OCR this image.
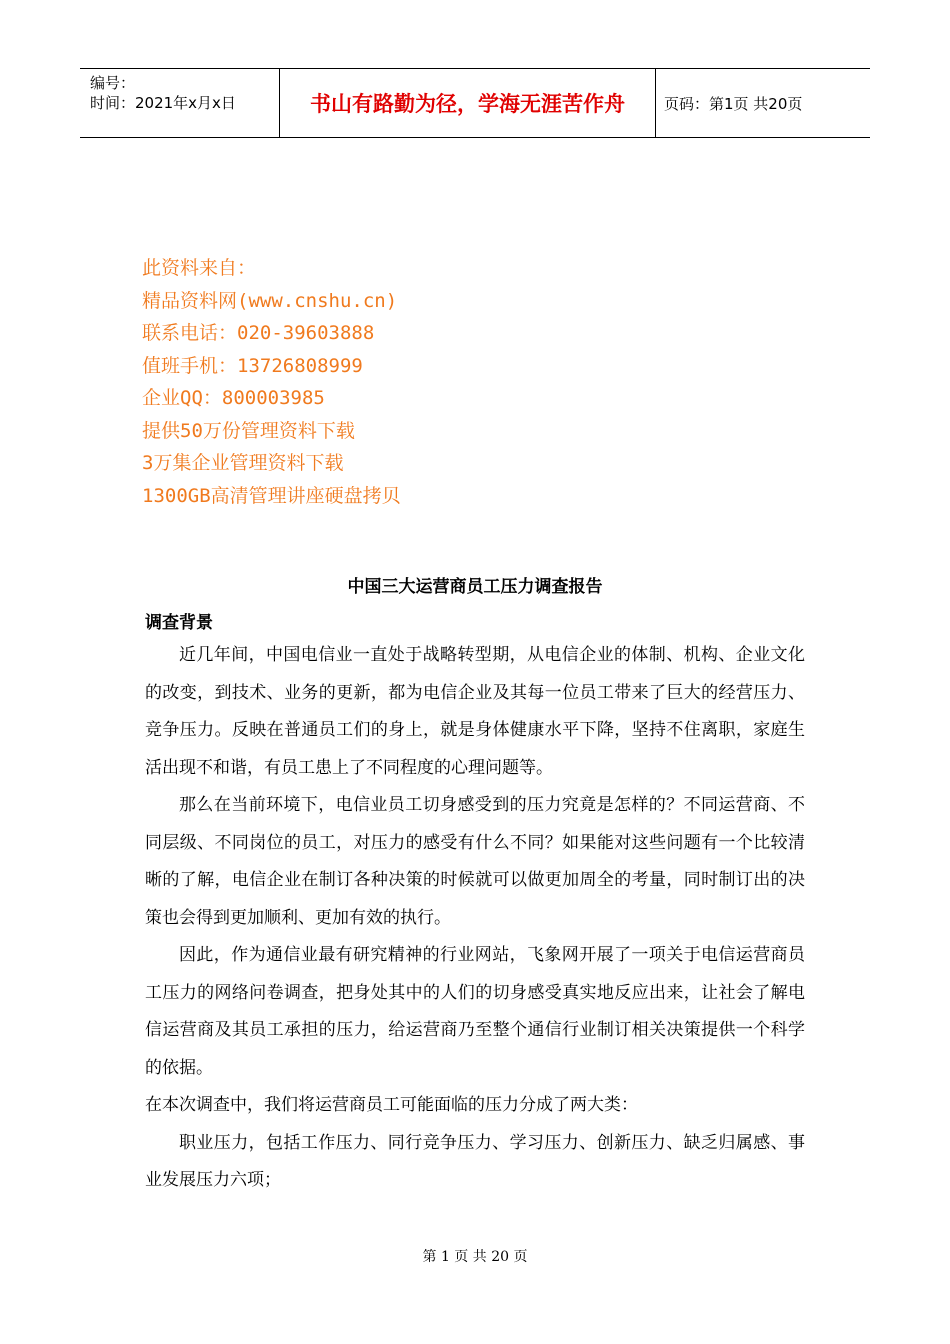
编号：
时间：2021年x月x日	书山有路勤为径，学海无涯苦作舟	页码：第1页 共20页
此资料来自：
精品资料网(www.cnshu.cn)
联系电话：020-39603888
值班手机：13726808999
企业QQ：800003985
提供50万份管理资料下载
3万集企业管理资料下载
1300GB高清管理讲座硬盘拷贝
中国三大运营商员工压力调查报告
调查背景

近几年间，中国电信业一直处于战略转型期，从电信企业的体制、机构、企业文化的改变，到技术、业务的更新，都为电信企业及其每一位员工带来了巨大的经营压力、竞争压力。反映在普通员工们的身上，就是身体健康水平下降，坚持不住离职，家庭生活出现不和谐，有员工患上了不同程度的心理问题等。

那么在当前环境下，电信业员工切身感受到的压力究竟是怎样的？不同运营商、不同层级、不同岗位的员工，对压力的感受有什么不同？如果能对这些问题有一个比较清晰的了解，电信企业在制订各种决策的时候就可以做更加周全的考量，同时制订出的决策也会得到更加顺利、更加有效的执行。

因此，作为通信业最有研究精神的行业网站，飞象网开展了一项关于电信运营商员工压力的网络问卷调查，把身处其中的人们的切身感受真实地反应出来，让社会了解电信运营商及其员工承担的压力，给运营商乃至整个通信行业制订相关决策提供一个科学的依据。

在本次调查中，我们将运营商员工可能面临的压力分成了两大类：

职业压力，包括工作压力、同行竞争压力、学习压力、创新压力、缺乏归属感、事业发展压力六项；

第 1 页 共 20 页
